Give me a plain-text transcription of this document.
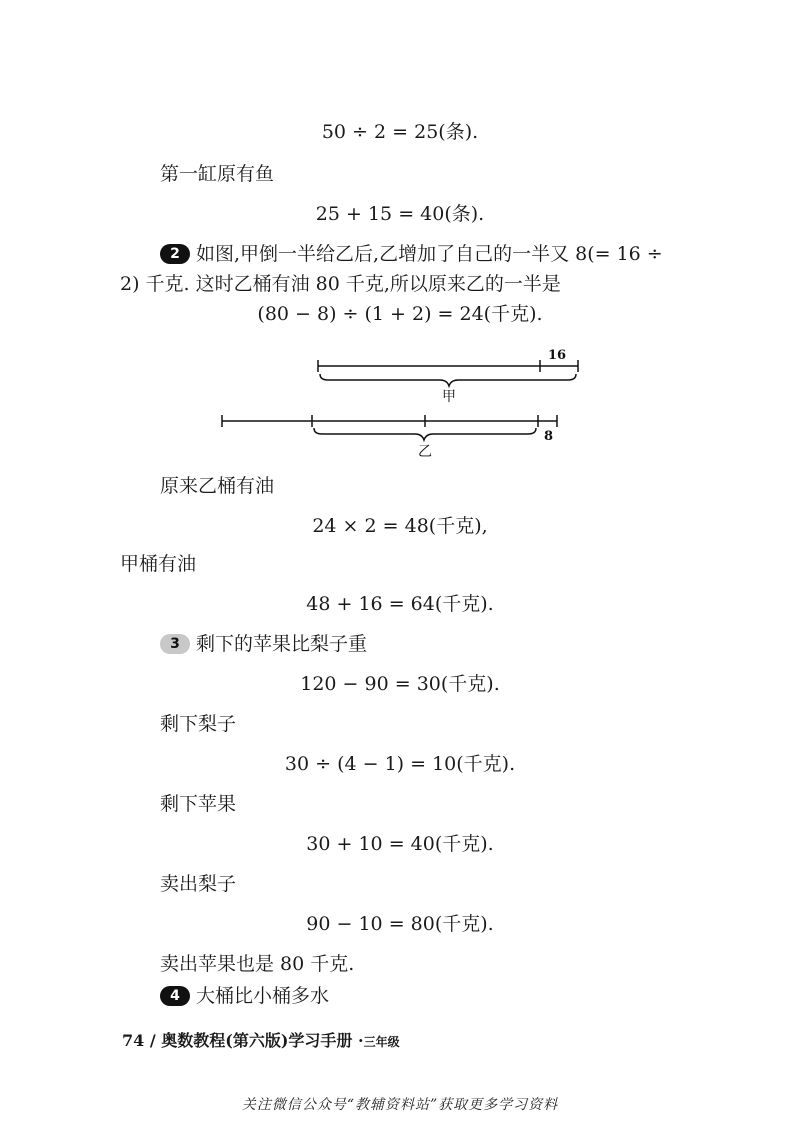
50 ÷ 2 = 25(条).
第一缸原有鱼
25 + 15 = 40(条).
2 如图,甲倒一半给乙后,乙增加了自己的一半又 8(= 16 ÷
2) 千克. 这时乙桶有油 80 千克,所以原来乙的一半是
(80 − 8) ÷ (1 + 2) = 24(千克).
16
甲
乙
8
原来乙桶有油
24 × 2 = 48(千克),
甲桶有油
48 + 16 = 64(千克).
3 剩下的苹果比梨子重
120 − 90 = 30(千克).
剩下梨子
30 ÷ (4 − 1) = 10(千克).
剩下苹果
30 + 10 = 40(千克).
卖出梨子
90 − 10 = 80(千克).
卖出苹果也是 80 千克.
4 大桶比小桶多水
74 / 奥数教程(第六版)学习手册 ·三年级
关注微信公众号“教辅资料站”获取更多学习资料
